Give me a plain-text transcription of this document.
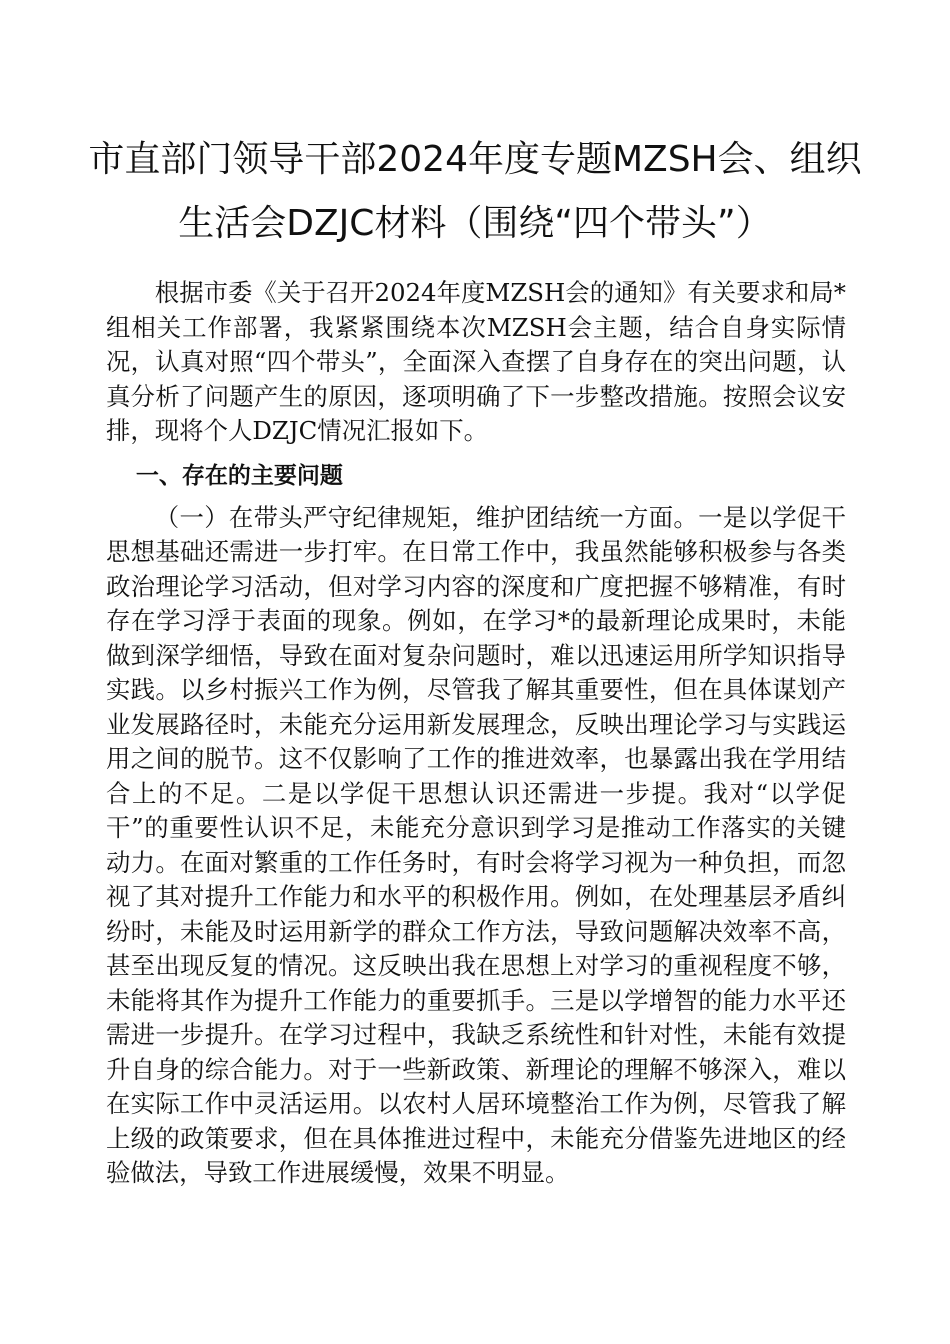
市直部门领导干部2024年度专题MZSH会、组织
生活会DZJC材料（围绕“四个带头”）

根据市委《关于召开2024年度MZSH会的通知》有关要求和局*组相关工作部署，我紧紧围绕本次MZSH会主题，结合自身实际情况，认真对照“四个带头”，全面深入查摆了自身存在的突出问题，认真分析了问题产生的原因，逐项明确了下一步整改措施。按照会议安排，现将个人DZJC情况汇报如下。

一、存在的主要问题

（一）在带头严守纪律规矩，维护团结统一方面。一是以学促干思想基础还需进一步打牢。在日常工作中，我虽然能够积极参与各类政治理论学习活动，但对学习内容的深度和广度把握不够精准，有时存在学习浮于表面的现象。例如，在学习*的最新理论成果时，未能做到深学细悟，导致在面对复杂问题时，难以迅速运用所学知识指导实践。以乡村振兴工作为例，尽管我了解其重要性，但在具体谋划产业发展路径时，未能充分运用新发展理念，反映出理论学习与实践运用之间的脱节。这不仅影响了工作的推进效率，也暴露出我在学用结合上的不足。二是以学促干思想认识还需进一步提。我对“以学促干”的重要性认识不足，未能充分意识到学习是推动工作落实的关键动力。在面对繁重的工作任务时，有时会将学习视为一种负担，而忽视了其对提升工作能力和水平的积极作用。例如，在处理基层矛盾纠纷时，未能及时运用新学的群众工作方法，导致问题解决效率不高，甚至出现反复的情况。这反映出我在思想上对学习的重视程度不够，未能将其作为提升工作能力的重要抓手。三是以学增智的能力水平还需进一步提升。在学习过程中，我缺乏系统性和针对性，未能有效提升自身的综合能力。对于一些新政策、新理论的理解不够深入，难以在实际工作中灵活运用。以农村人居环境整治工作为例，尽管我了解上级的政策要求，但在具体推进过程中，未能充分借鉴先进地区的经验做法，导致工作进展缓慢，效果不明显。
